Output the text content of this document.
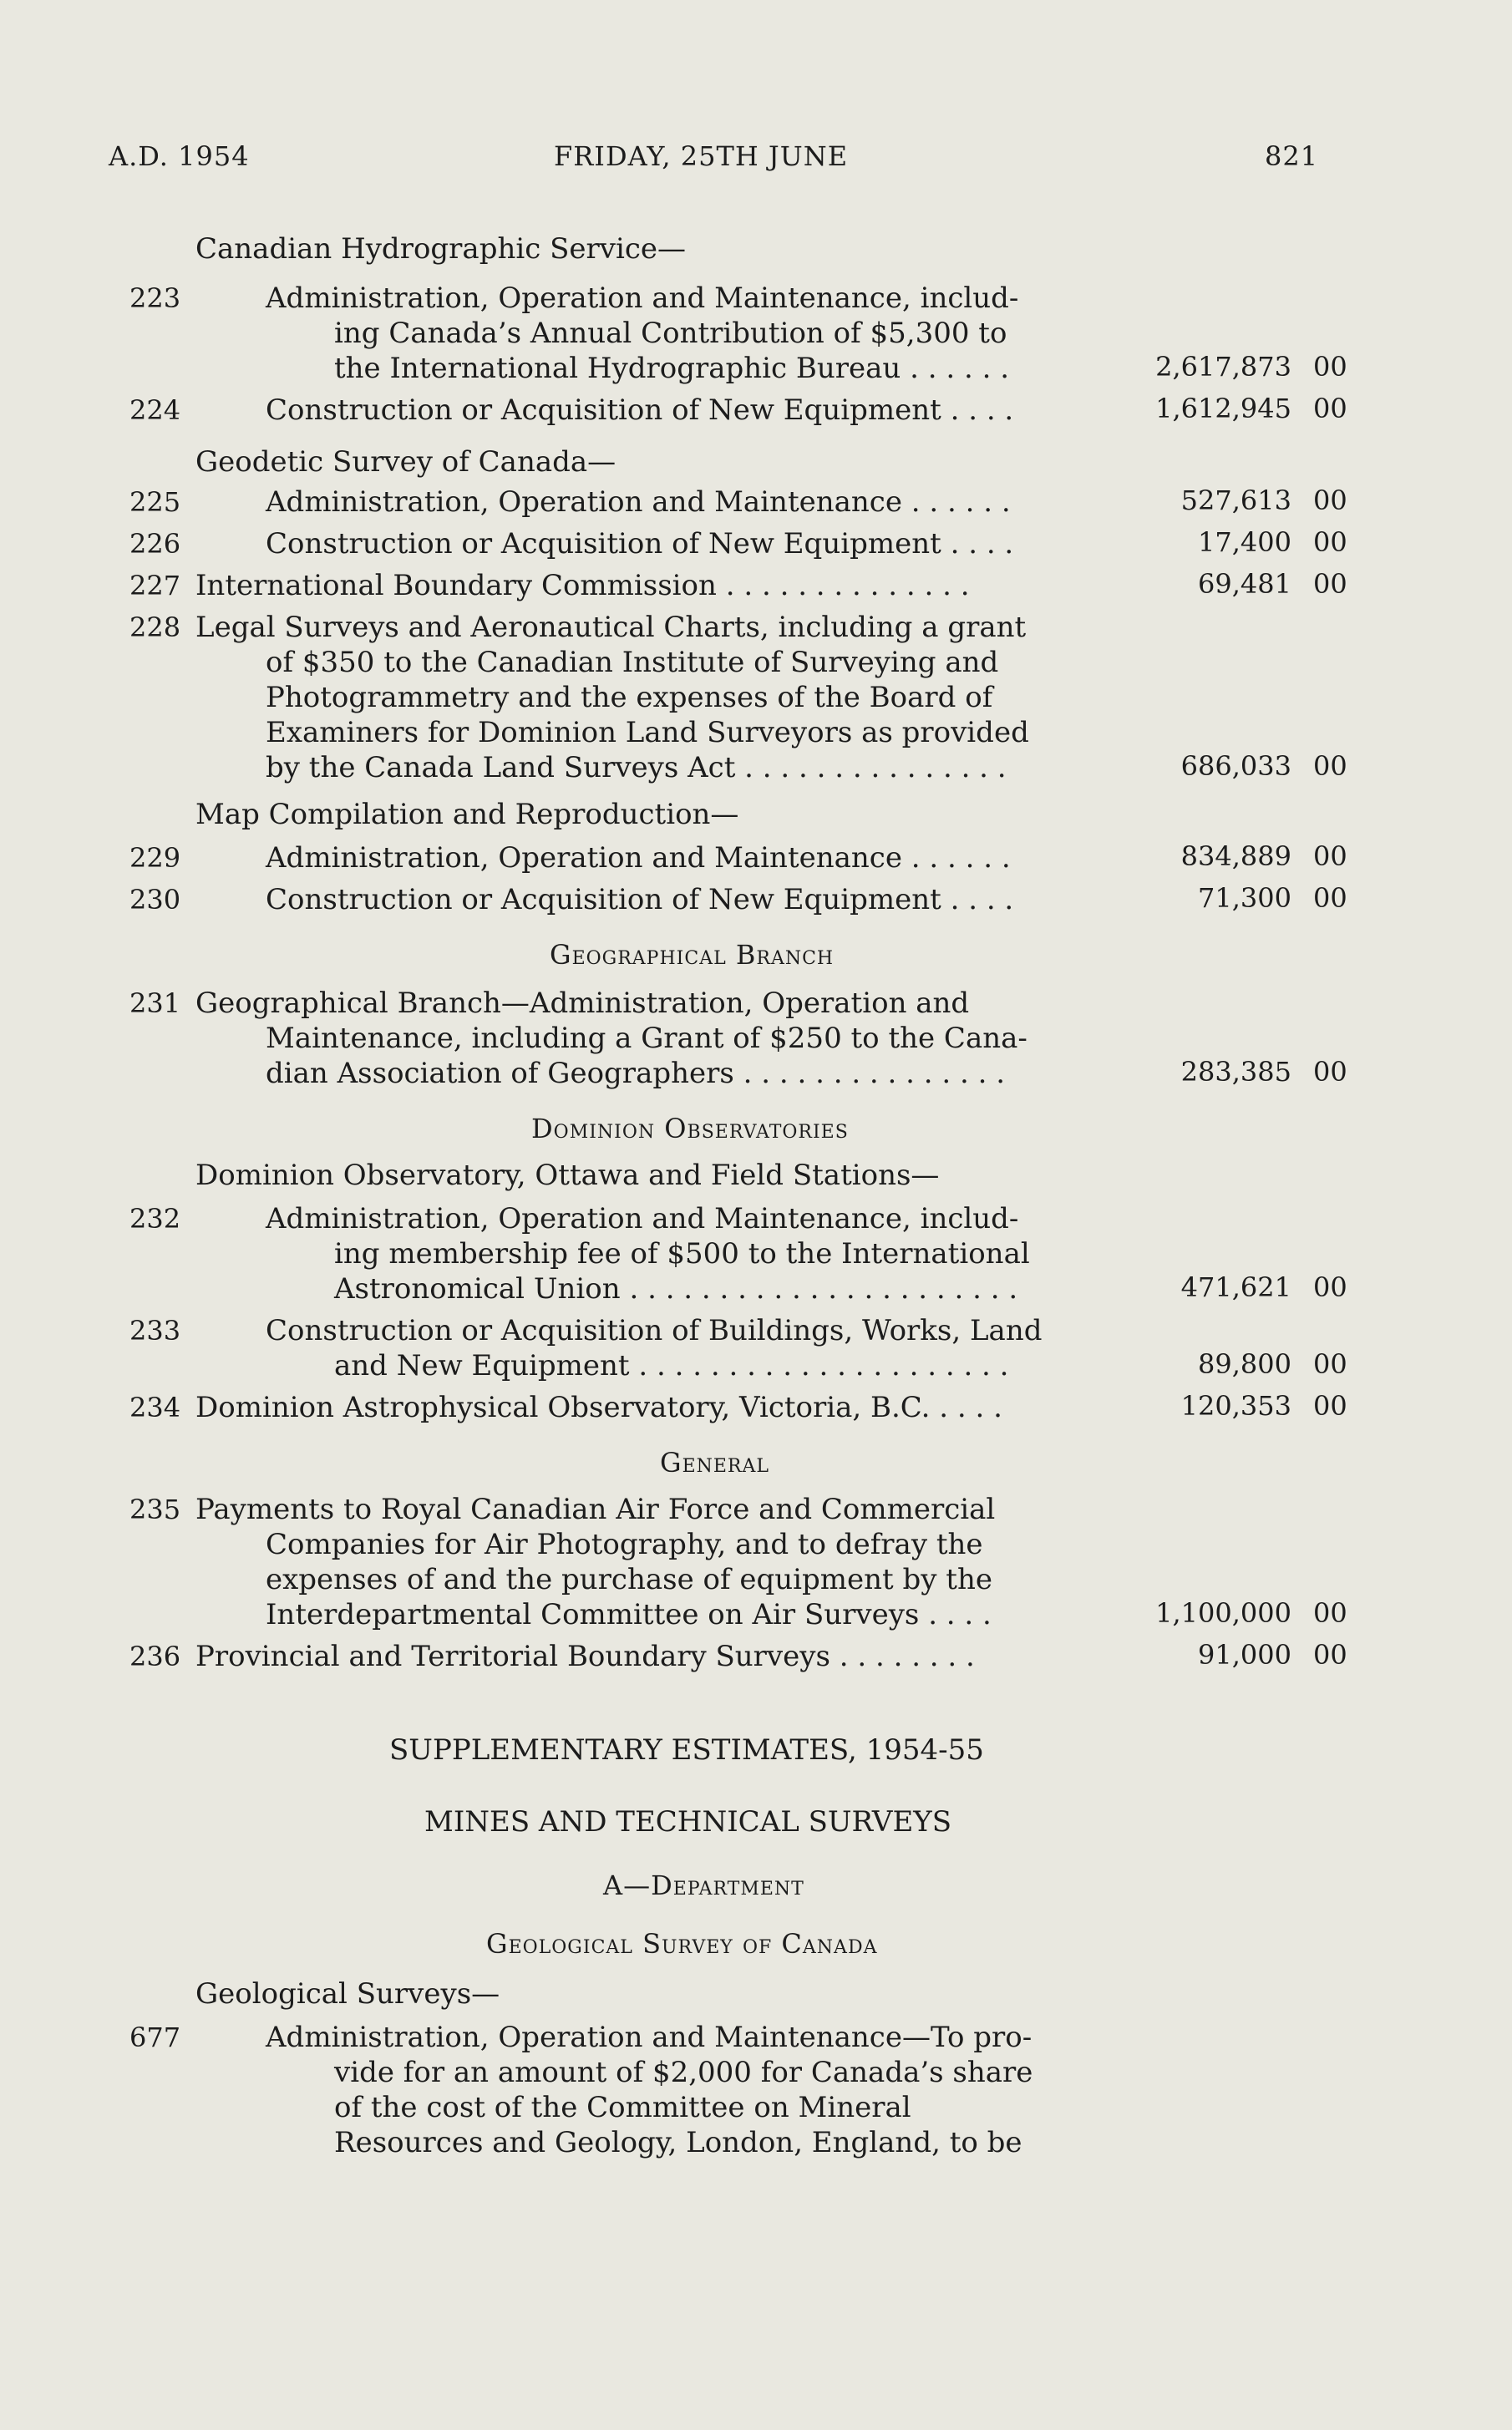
A.D. 1954	FRIDAY, 25TH JUNE	821
Canadian Hydrographic Service—
223	Administration, Operation and Maintenance, includ-
ing Canada’s Annual Contribution of $5,300 to
the International Hydrographic Bureau . . . . . .	2,617,873 00
224	Construction or Acquisition of New Equipment . . . .	1,612,945 00
Geodetic Survey of Canada—
225	Administration, Operation and Maintenance . . . . . .	527,613 00
226	Construction or Acquisition of New Equipment . . . .	17,400 00
227 International Boundary Commission . . . . . . . . . . . . . .	69,481 00
228 Legal Surveys and Aeronautical Charts, including a grant
of $350 to the Canadian Institute of Surveying and
Photogrammetry and the expenses of the Board of
Examiners for Dominion Land Surveyors as provided
by the Canada Land Surveys Act . . . . . . . . . . . . . . .	686,033 00
Map Compilation and Reproduction—
229	Administration, Operation and Maintenance . . . . . .	834,889 00
230	Construction or Acquisition of New Equipment . . . .	71,300 00
Geographical Branch
231 Geographical Branch—Administration, Operation and
Maintenance, including a Grant of $250 to the Cana-
dian Association of Geographers . . . . . . . . . . . . . . .	283,385 00
Dominion Observatories
Dominion Observatory, Ottawa and Field Stations—
232	Administration, Operation and Maintenance, includ-
ing membership fee of $500 to the International
Astronomical Union . . . . . . . . . . . . . . . . . . . . . .	471,621 00
233	Construction or Acquisition of Buildings, Works, Land
and New Equipment . . . . . . . . . . . . . . . . . . . . .	89,800 00
234 Dominion Astrophysical Observatory, Victoria, B.C. . . . .	120,353 00
General
235 Payments to Royal Canadian Air Force and Commercial
Companies for Air Photography, and to defray the
expenses of and the purchase of equipment by the
Interdepartmental Committee on Air Surveys . . . .	1,100,000 00
236 Provincial and Territorial Boundary Surveys . . . . . . . .	91,000 00
SUPPLEMENTARY ESTIMATES, 1954-55
MINES AND TECHNICAL SURVEYS
A—Department
Geological Survey of Canada
Geological Surveys—
677	Administration, Operation and Maintenance—To pro-
vide for an amount of $2,000 for Canada’s share
of the cost of the Committee on Mineral
Resources and Geology, London, England, to be
